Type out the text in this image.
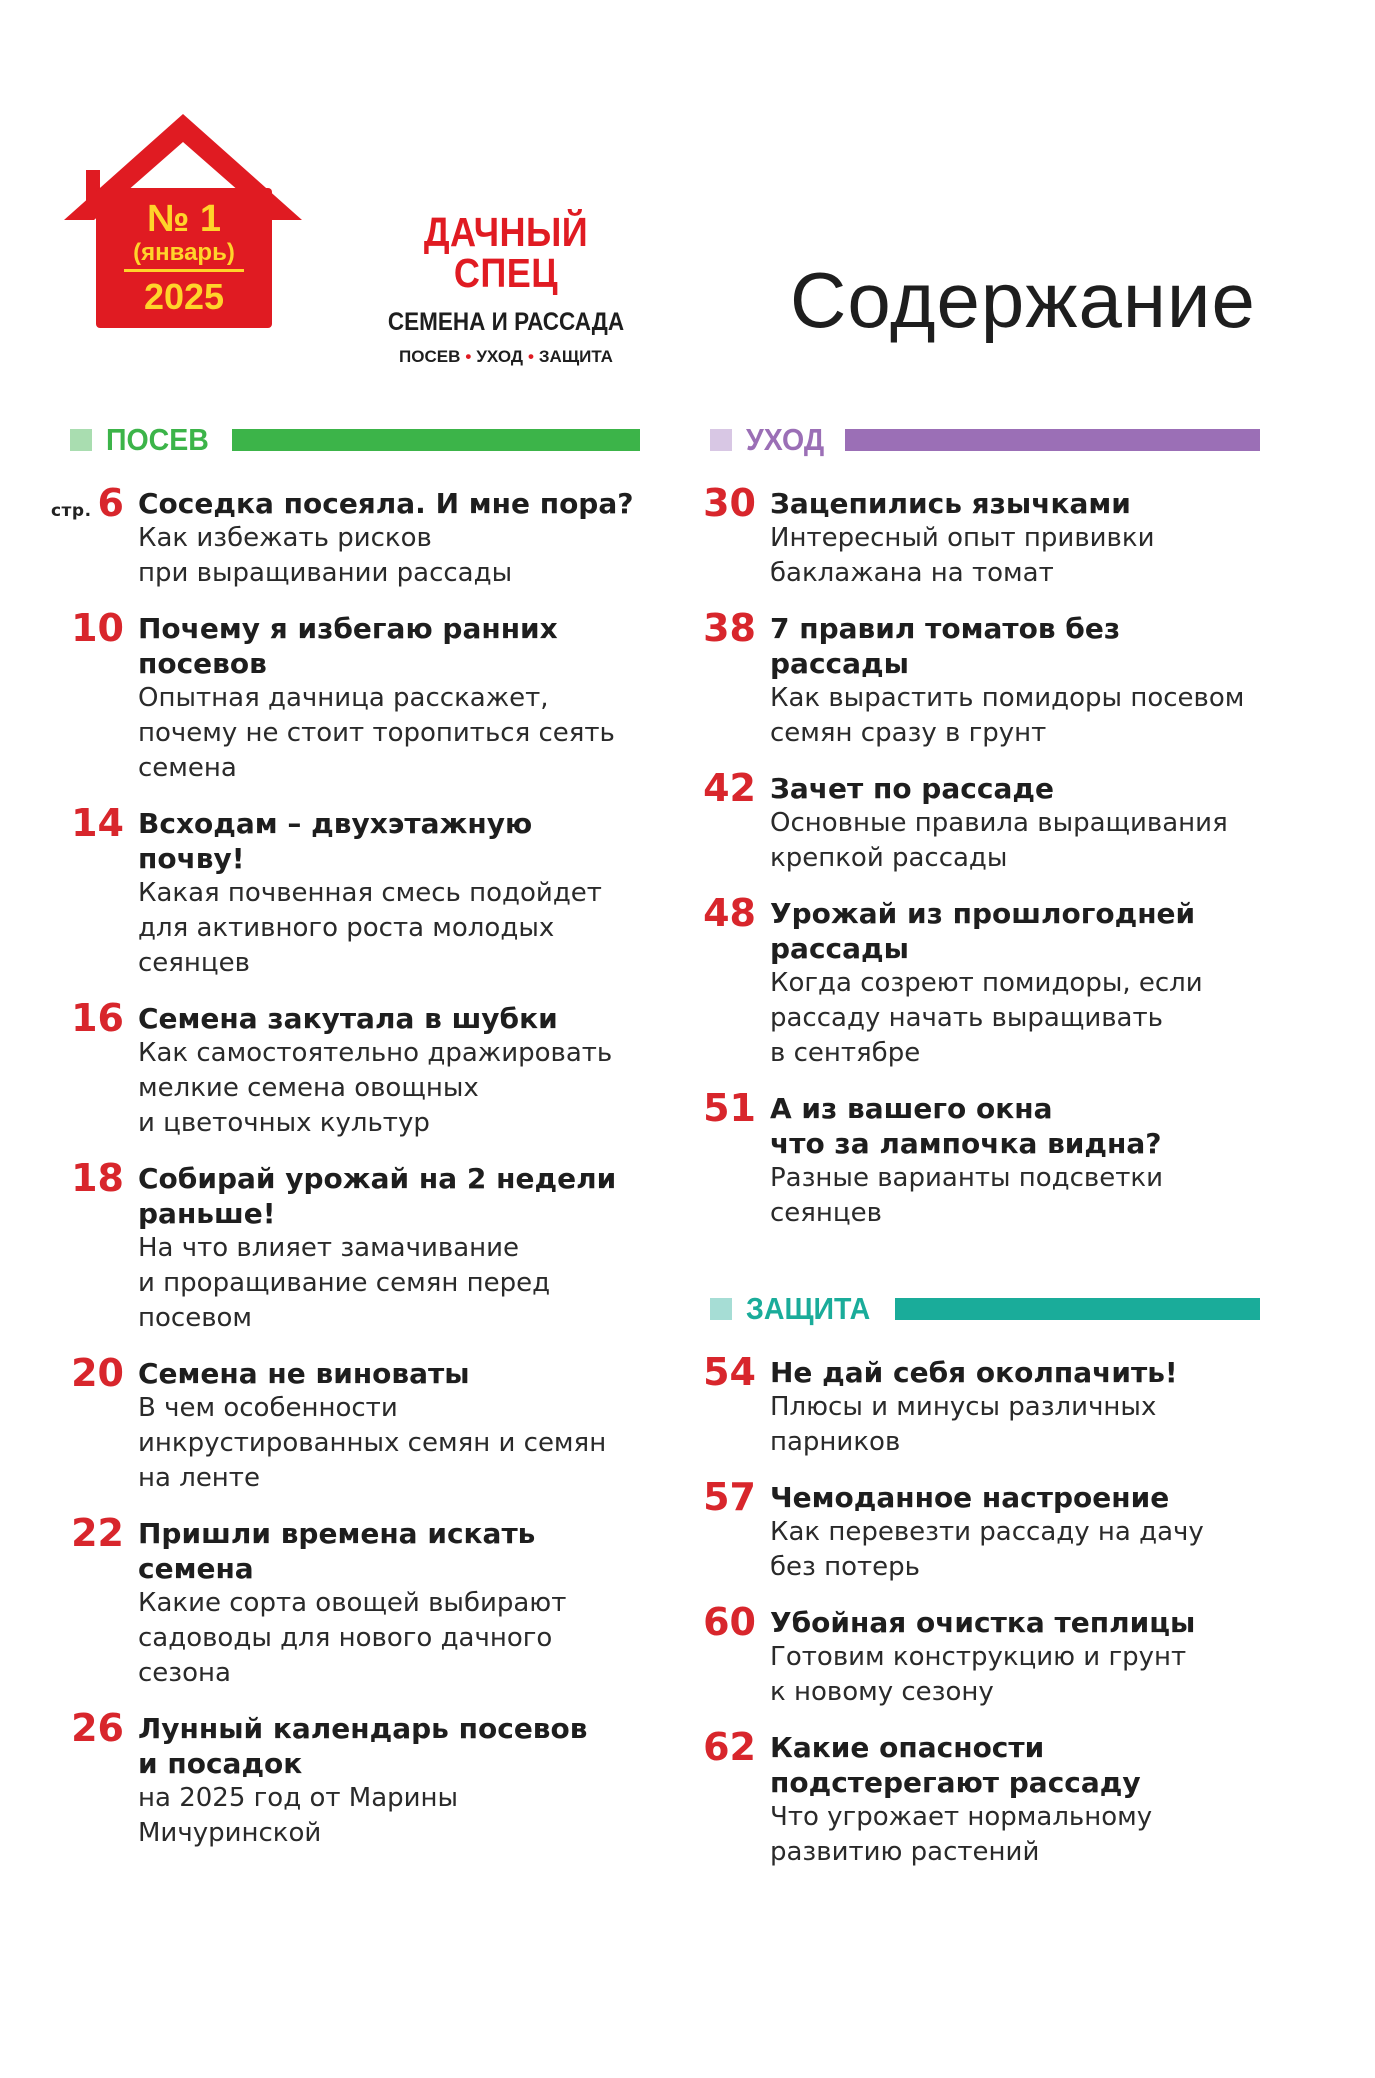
№ 1
(январь)
2025
ДАЧНЫЙ СПЕЦ
СЕМЕНА И РАССАДА
ПОСЕВ • УХОД • ЗАЩИТА
Содержание
ПОСЕВ
стр. 6 Соседка посеяла. И мне пора?
Как избежать рисков
при выращивании рассады
10 Почему я избегаю ранних
посевов
Опытная дачница расскажет,
почему не стоит торопиться сеять
семена
14 Всходам – двухэтажную
почву!
Какая почвенная смесь подойдет
для активного роста молодых
сеянцев
16 Семена закутала в шубки
Как самостоятельно дражировать
мелкие семена овощных
и цветочных культур
18 Собирай урожай на 2 недели
раньше!
На что влияет замачивание
и проращивание семян перед
посевом
20 Семена не виноваты
В чем особенности
инкрустированных семян и семян
на ленте
22 Пришли времена искать
семена
Какие сорта овощей выбирают
садоводы для нового дачного
сезона
26 Лунный календарь посевов
и посадок
на 2025 год от Марины
Мичуринской
УХОД
30 Зацепились язычками
Интересный опыт прививки
баклажана на томат
38 7 правил томатов без рассады
Как вырастить помидоры посевом
семян сразу в грунт
42 Зачет по рассаде
Основные правила выращивания
крепкой рассады
48 Урожай из прошлогодней
рассады
Когда созреют помидоры, если
рассаду начать выращивать
в сентябре
51 А из вашего окна
что за лампочка видна?
Разные варианты подсветки
сеянцев
ЗАЩИТА
54 Не дай себя околпачить!
Плюсы и минусы различных
парников
57 Чемоданное настроение
Как перевезти рассаду на дачу
без потерь
60 Убойная очистка теплицы
Готовим конструкцию и грунт
к новому сезону
62 Какие опасности
подстерегают рассаду
Что угрожает нормальному
развитию растений
